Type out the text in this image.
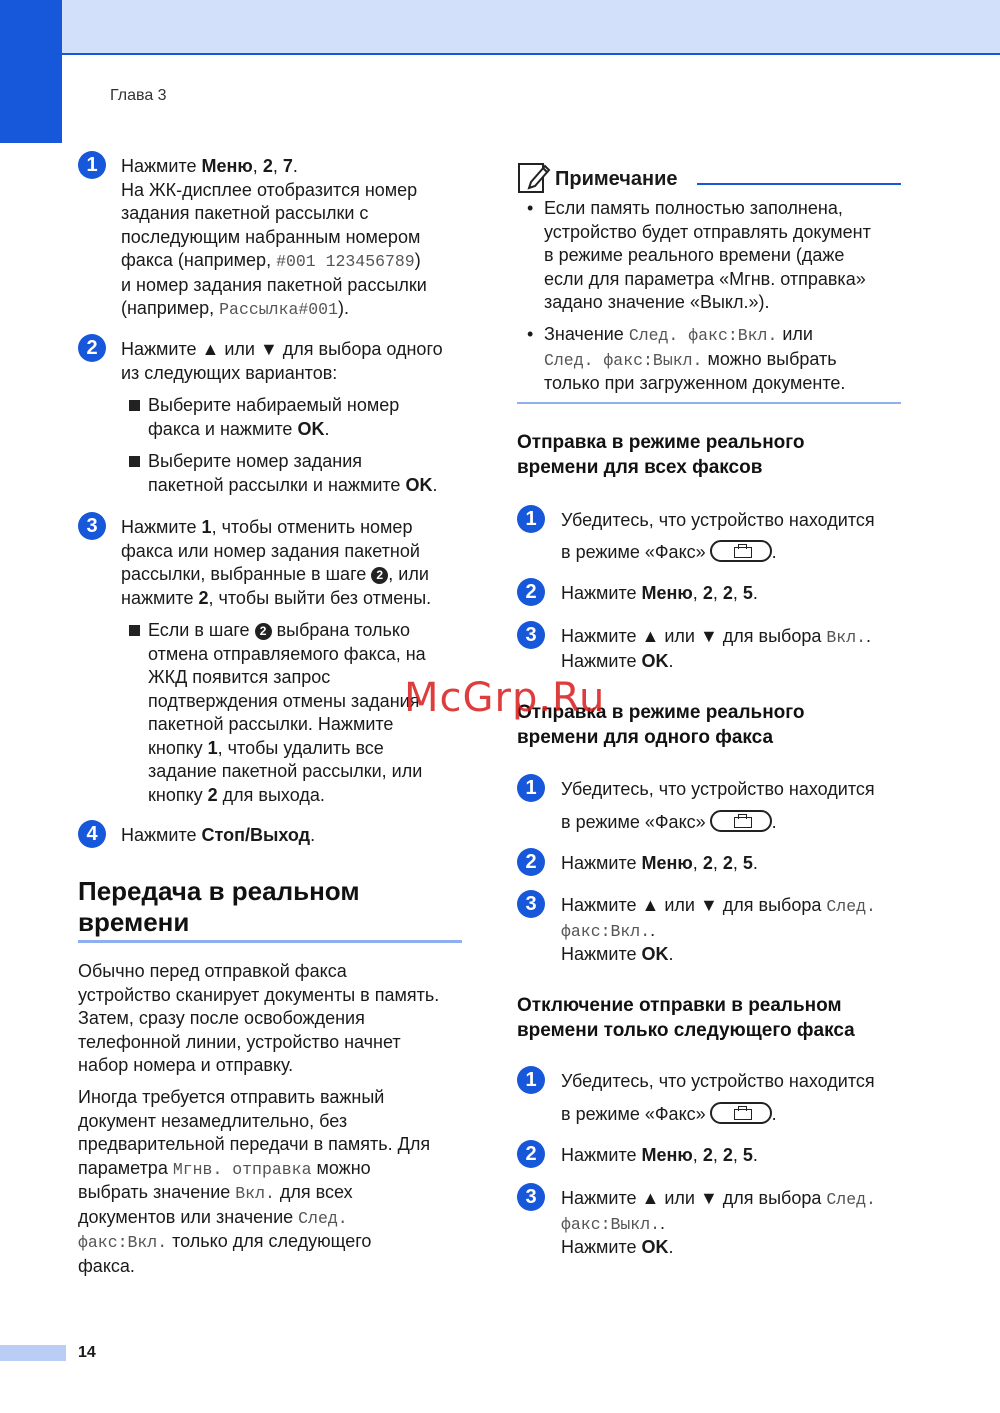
Глава 3
1	Нажмите Меню, 2, 7.
На ЖК-дисплее отобразится номер
задания пакетной рассылки с
последующим набранным номером
факса (например, #001 123456789)
и номер задания пакетной рассылки
(например, Рассылка#001).
2	Нажмите ▲ или ▼ для выбора одного
из следующих вариантов:
Выберите набираемый номер
факса и нажмите OK.
Выберите номер задания
пакетной рассылки и нажмите OK.
3	Нажмите 1, чтобы отменить номер
факса или номер задания пакетной
рассылки, выбранные в шаге 2 , или
нажмите 2, чтобы выйти без отмены.
Если в шаге 2 выбрана только
отмена отправляемого факса, на
ЖКД появится запрос
подтверждения отмены задания
пакетной рассылки. Нажмите
кнопку 1, чтобы удалить все
задание пакетной рассылки, или
кнопку 2 для выхода.
4	Нажмите Стоп/Выход.
Передача в реальном
времени
Обычно перед отправкой факса
устройство сканирует документы в память.
Затем, сразу после освобождения
телефонной линии, устройство начнет
набор номера и отправку.
Иногда требуется отправить важный
документ незамедлительно, без
предварительной передачи в память. Для
параметра Мгнв. отправка можно
выбрать значение Вкл. для всех
документов или значение След.
факс:Вкл. только для следующего
факса.
Примечание
• Если память полностью заполнена,
устройство будет отправлять документ
в режиме реального времени (даже
если для параметра «Мгнв. отправка»
задано значение «Выкл.»).
• Значение След. факс:Вкл. или
След. факс:Выкл. можно выбрать
только при загруженном документе.
Отправка в режиме реального
времени для всех факсов
1	Убедитесь, что устройство находится
в режиме «Факс»	.
2	Нажмите Меню, 2, 2, 5.
3	Нажмите ▲ или ▼ для выбора Вкл..
Нажмите OK.
Отправка в режиме реального
времени для одного факса
1	Убедитесь, что устройство находится
в режиме «Факс»	.
2	Нажмите Меню, 2, 2, 5.
3	Нажмите ▲ или ▼ для выбора След.
факс:Вкл..
Нажмите OK.
Отключение отправки в реальном
времени только следующего факса
1	Убедитесь, что устройство находится
в режиме «Факс»	.
2	Нажмите Меню, 2, 2, 5.
3	Нажмите ▲ или ▼ для выбора След.
факс:Выкл..
Нажмите OK.
McGrp.Ru
14
